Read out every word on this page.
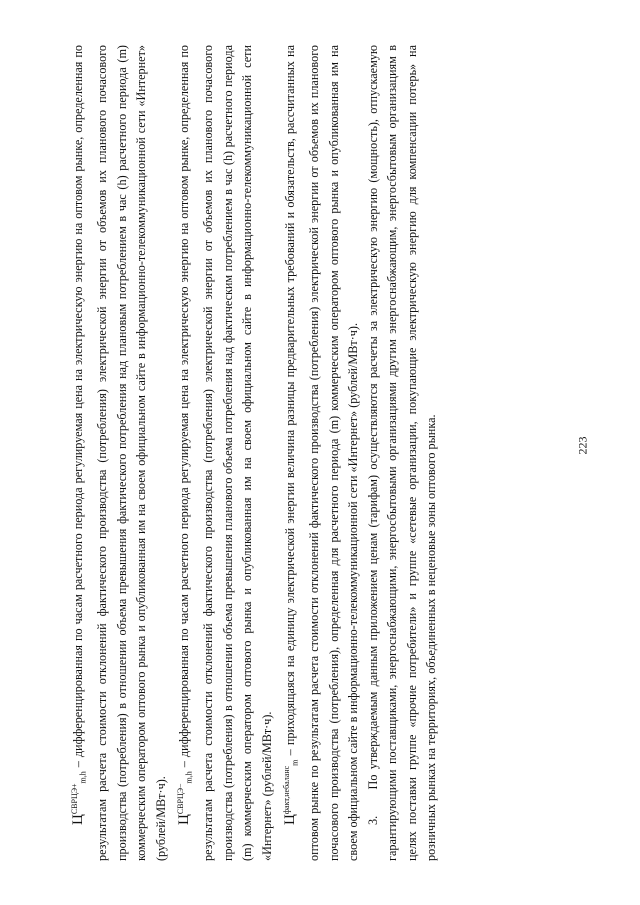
223

$Ц^{СВРЦЭ+}_{m,h}$ – дифференцированная по часам расчетного периода регулируемая цена на электрическую энергию на оптовом рынке, определенная по результатам расчета стоимости отклонений фактического производства (потребления) электрической энергии от объемов их планового почасового производства (потребления) в отношении объема превышения фактического потребления над плановым потреблением в час (h) расчетного периода (m) коммерческим оператором оптового рынка и опубликованная им на своем официальном сайте в информационно-телекоммуникационной сети «Интернет» (рублей/МВт·ч). $Ц^{СВРЦЭ-}_{m,h}$ – дифференцированная по часам расчетного периода регулируемая цена на электрическую энергию на оптовом рынке, определенная по результатам расчета стоимости отклонений фактического производства (потребления) электрической энергии от объемов их планового почасового производства (потребления) в отношении объема превышения планового объема потребления над фактическим потреблением в час (h) расчетного периода (m) коммерческим оператором оптового рынка и опубликованная им на своем официальном сайте в информационно-телекоммуникационной сети «Интернет» (рублей/МВт·ч). $Ц^{факт,небаланс}_m$ – приходящаяся на единицу электрической энергии величина разницы предварительных требований и обязательств, рассчитанных на оптовом рынке по результатам расчета стоимости отклонений фактического производства (потребления) электрической энергии от объемов их планового почасового производства (потребления), определенная для расчетного периода (m) коммерческим оператором оптового рынка и опубликованная им на своем официальном сайте в информационно-телекоммуникационной сети «Интернет» (рублей/МВт·ч). 3.     По утверждаемым данным приложением ценам (тарифам) осуществляются расчеты за электрическую энергию (мощность), отпускаемую гарантирующими поставщиками, энергоснабжающими, энергосбытовыми организациями другим энергоснабжающим, энергосбытовым организациям в целях поставки группе «прочие потребители» и группе «сетевые организации, покупающие электрическую энергию для компенсации потерь» на розничных рынках на территориях, объединенных в неценовые зоны оптового рынка.
